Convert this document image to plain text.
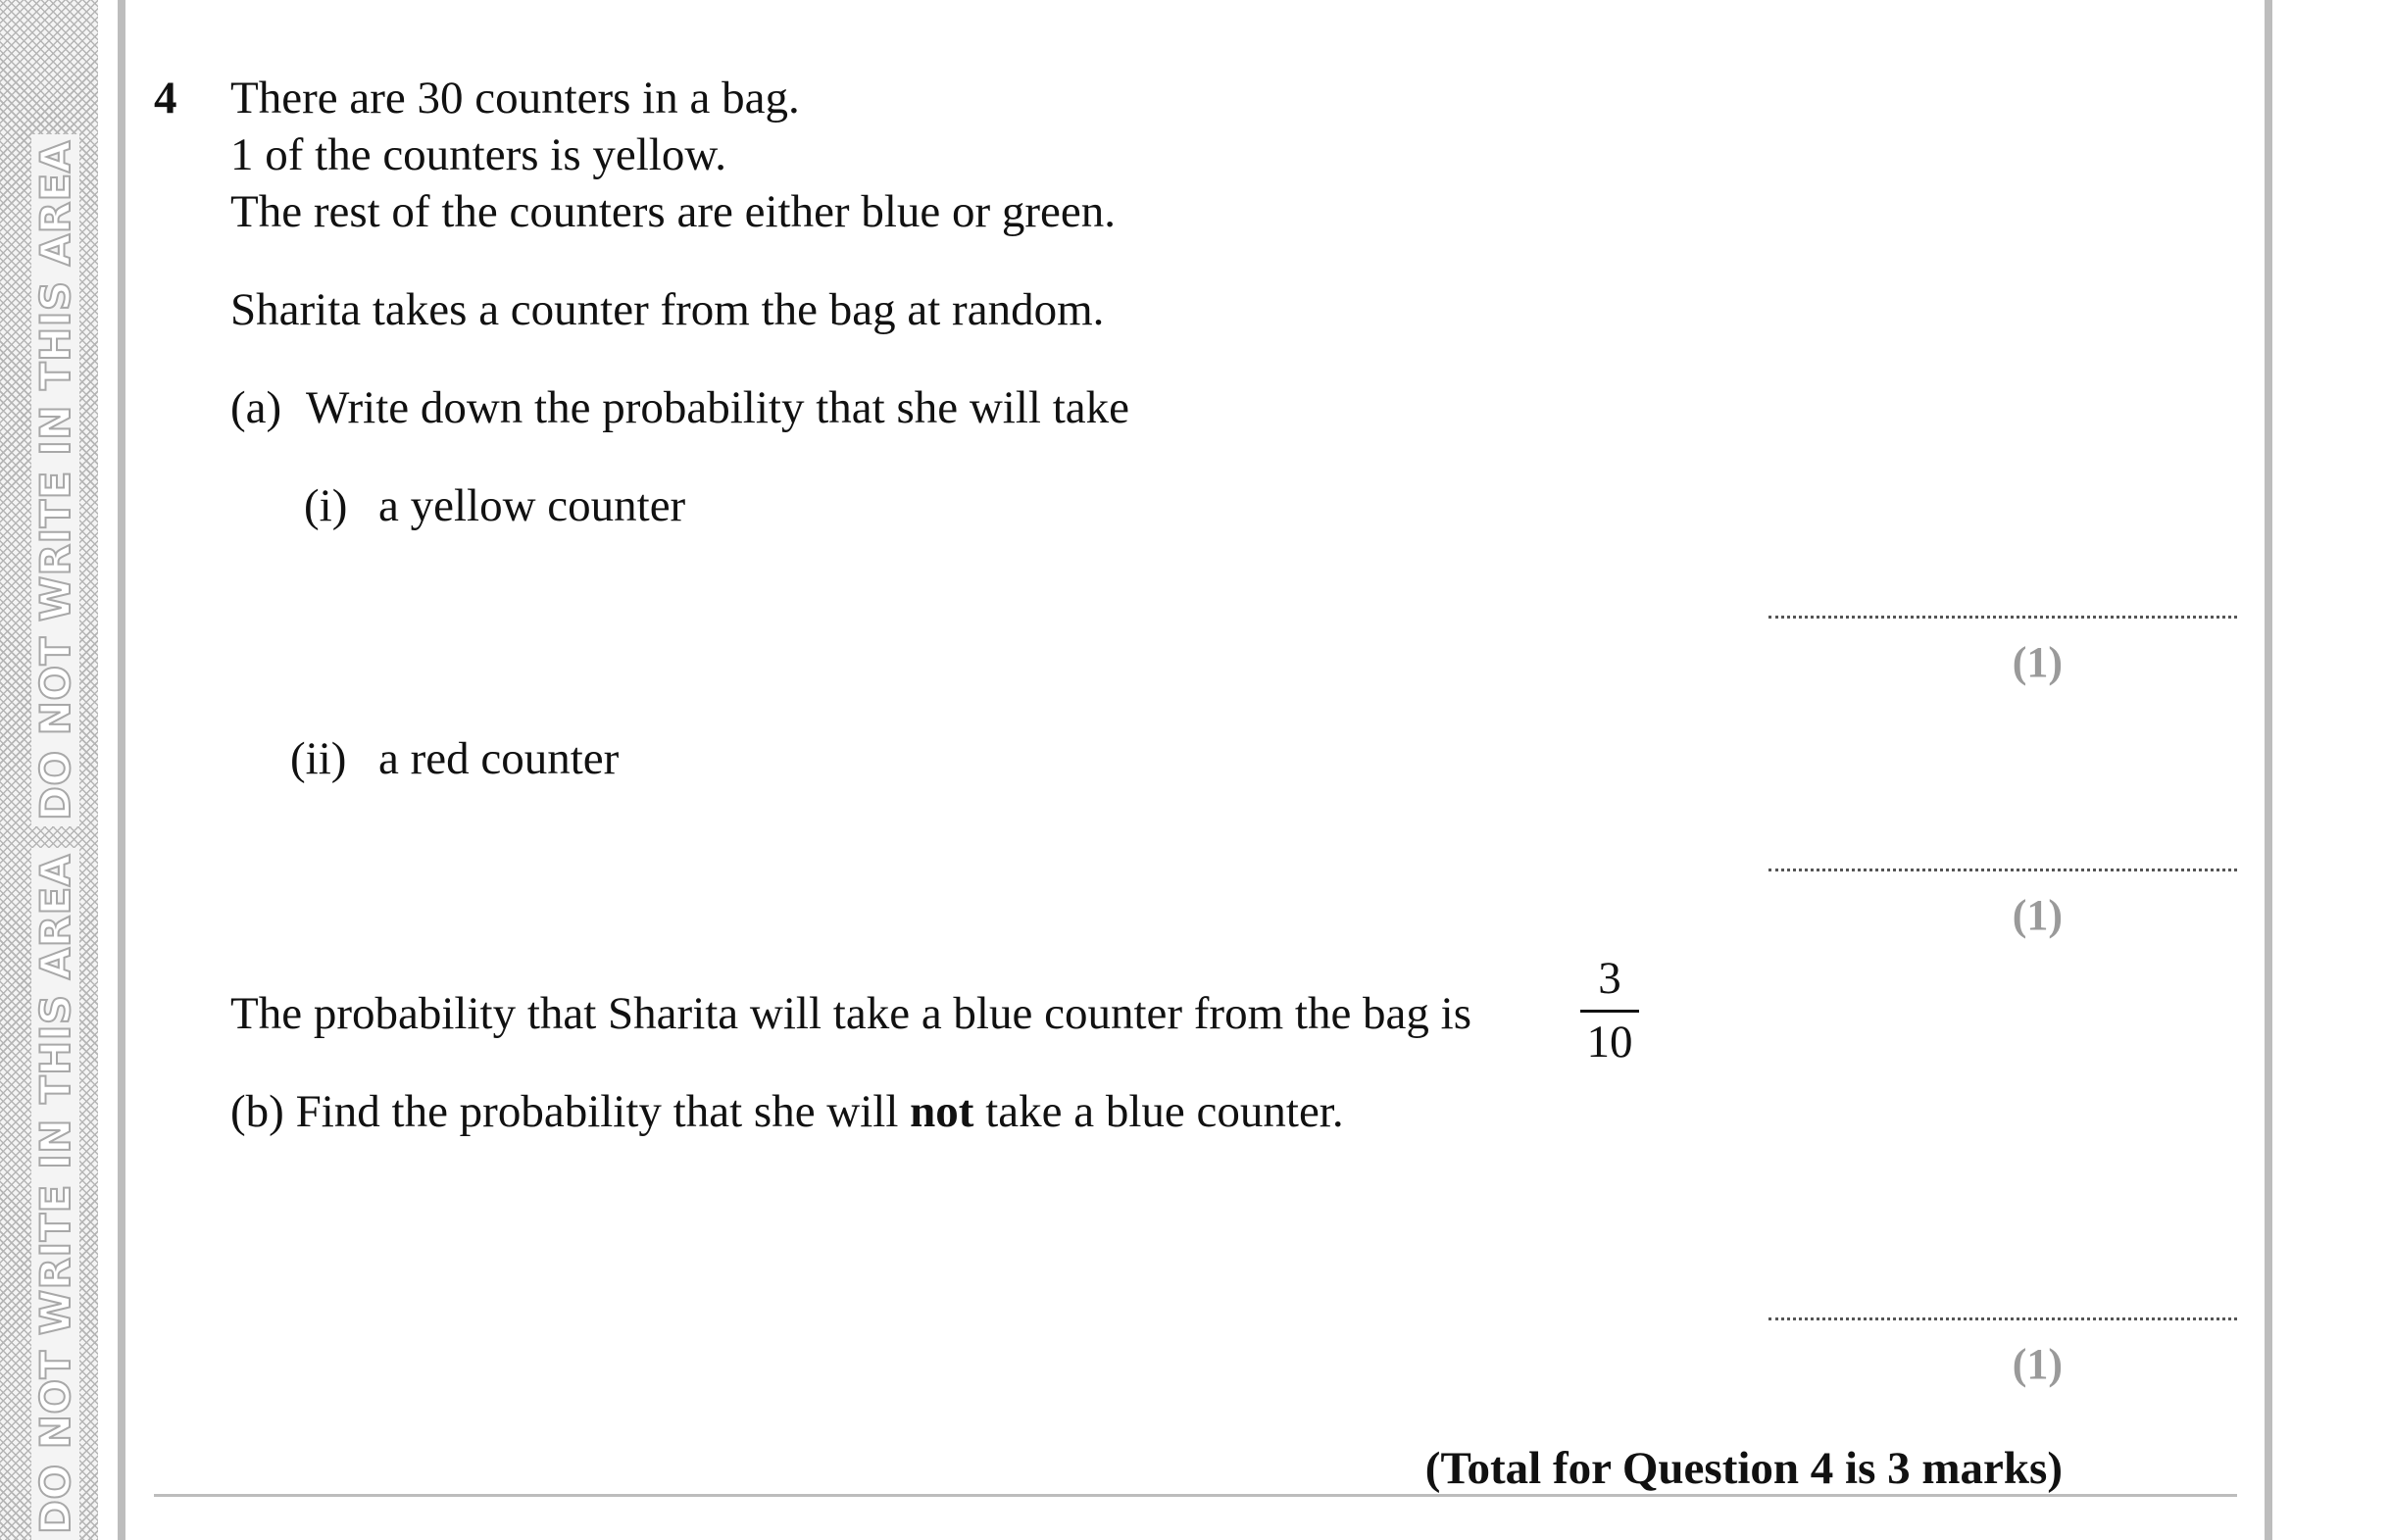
DO NOT WRITE IN THIS AREA
DO NOT WRITE IN THIS AREA
4 There are 30 counters in a bag.
1 of the counters is yellow.
The rest of the counters are either blue or green.
Sharita takes a counter from the bag at random.
(a) Write down the probability that she will take
(i) a yellow counter
(1)
(ii) a red counter
(1)
The probability that Sharita will take a blue counter from the bag is
3
10
(b) Find the probability that she will not take a blue counter.
(1)
(Total for Question 4 is 3 marks)
